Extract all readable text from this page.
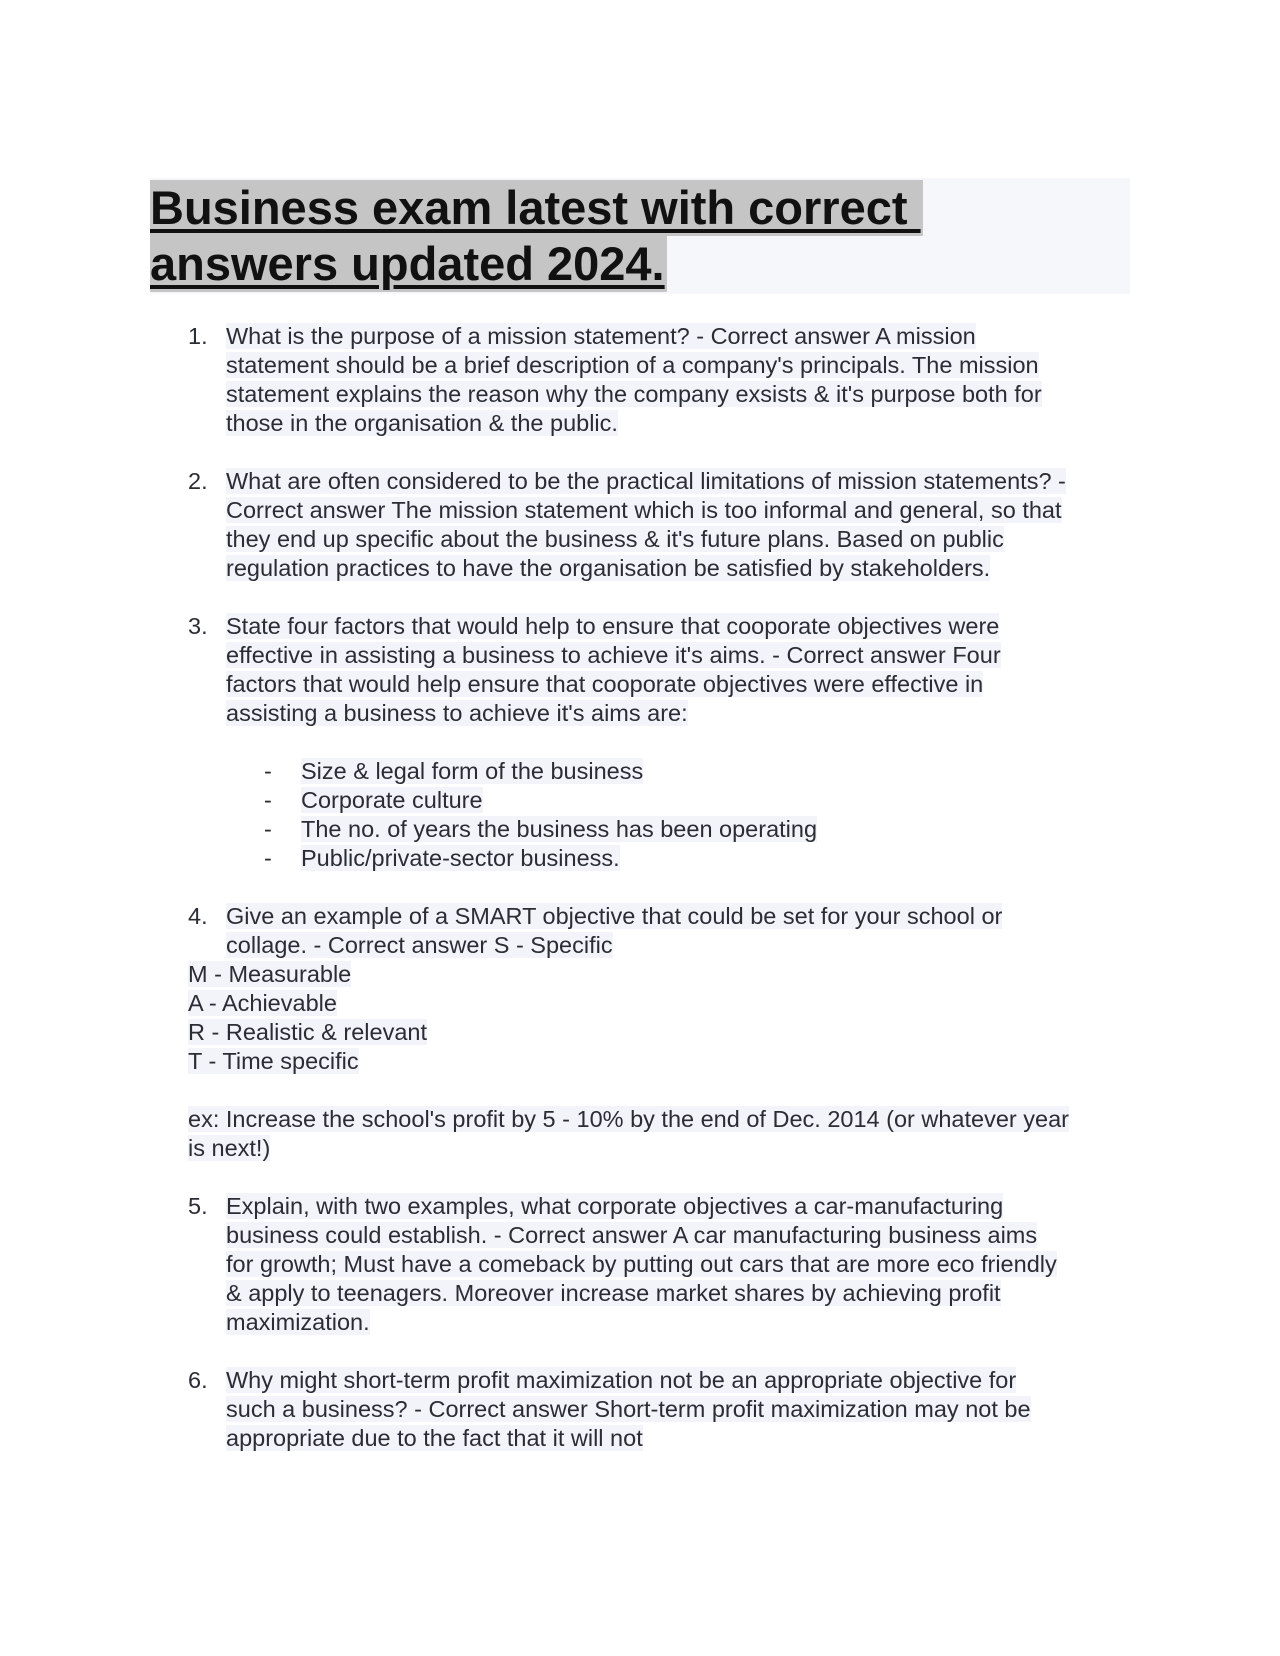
Business exam latest with correct
answers updated 2024.
1. What is the purpose of a mission statement? - Correct answer A mission
statement should be a brief description of a company's principals. The mission
statement explains the reason why the company exsists & it's purpose both for
those in the organisation & the public.
2. What are often considered to be the practical limitations of mission statements? -
Correct answer The mission statement which is too informal and general, so that
they end up specific about the business & it's future plans. Based on public
regulation practices to have the organisation be satisfied by stakeholders.
3. State four factors that would help to ensure that cooporate objectives were
effective in assisting a business to achieve it's aims. - Correct answer Four
factors that would help ensure that cooporate objectives were effective in
assisting a business to achieve it's aims are:
- Size & legal form of the business
- Corporate culture
- The no. of years the business has been operating
- Public/private-sector business.
4. Give an example of a SMART objective that could be set for your school or
collage. - Correct answer S - Specific
M - Measurable
A - Achievable
R - Realistic & relevant
T - Time specific
ex: Increase the school's profit by 5 - 10% by the end of Dec. 2014 (or whatever year
is next!)
5. Explain, with two examples, what corporate objectives a car-manufacturing
business could establish. - Correct answer A car manufacturing business aims
for growth; Must have a comeback by putting out cars that are more eco friendly
& apply to teenagers. Moreover increase market shares by achieving profit
maximization.
6. Why might short-term profit maximization not be an appropriate objective for
such a business? - Correct answer Short-term profit maximization may not be
appropriate due to the fact that it will not
